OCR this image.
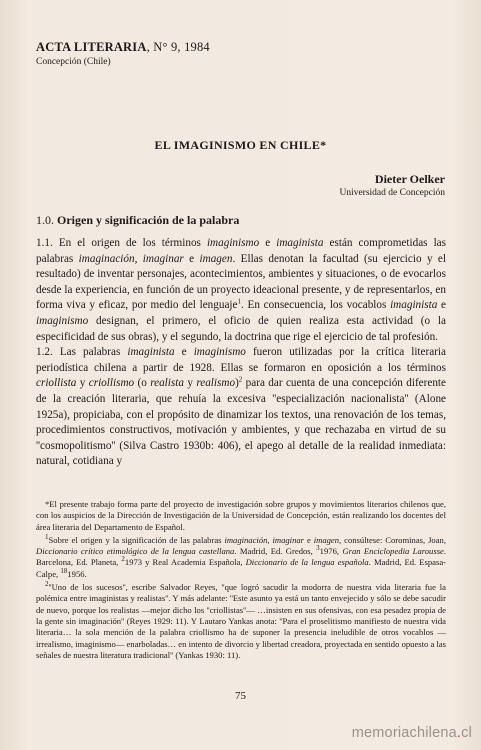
ACTA LITERARIA, N° 9, 1984
Concepción (Chile)
EL IMAGINISMO EN CHILE*
Dieter Oelker
Universidad de Concepción
1.0. Origen y significación de la palabra

1.1. En el origen de los términos imaginismo e imaginista están comprometidas las palabras imaginación, imaginar e imagen. Ellas denotan la facultad (su ejercicio y el resultado) de inventar personajes, acontecimientos, ambientes y situaciones, o de evocarlos desde la experiencia, en función de un proyecto ideacional presente, y de representarlos, en forma viva y eficaz, por medio del lenguaje$^1$. En consecuencia, los vocablos imaginista e imaginismo designan, el primero, el oficio de quien realiza esta actividad (o la especificidad de sus obras), y el segundo, la doctrina que rige el ejercicio de tal profesión.

1.2. Las palabras imaginista e imaginismo fueron utilizadas por la crítica literaria periodística chilena a partir de 1928. Ellas se formaron en oposición a los términos criollista y criollismo (o realista y realismo)$^2$ para dar cuenta de una concepción diferente de la creación literaria, que rehuía la excesiva ''especialización nacionalista'' (Alone 1925a), propiciaba, con el propósito de dinamizar los textos, una renovación de los temas, procedimientos constructivos, motivación y ambientes, y que rechazaba en virtud de su ''cosmopolitismo'' (Silva Castro 1930b: 406), el apego al detalle de la realidad inmediata: natural, cotidiana y

*El presente trabajo forma parte del proyecto de investigación sobre grupos y movimientos literarios chilenos que, con los auspicios de la Dirección de Investigación de la Universidad de Concepción, están realizando los docentes del área literaria del Departamento de Español.

$^1$Sobre el origen y la significación de las palabras imaginación, imaginar e imagen, consúltese: Corominas, Joan, Diccionario crítico etimológico de la lengua castellana. Madrid, Ed. Gredos, $^3$1976, Gran Enciclopedia Larousse. Barcelona, Ed. Planeta, $^2$1973 y Real Academia Española, Diccionario de la lengua española. Madrid, Ed. Espasa-Calpe, $^{18}$1956.

$^2$''Uno de los sucesos'', escribe Salvador Reyes, ''que logró sacudir la modorra de nuestra vida literaria fue la polémica entre imaginistas y realistas''. Y más adelante: ''Este asunto ya está un tanto envejecido y sólo se debe sacudir de nuevo, porque los realistas —mejor dicho los ''criollistas''— …insisten en sus ofensivas, con esa pesadez propia de la gente sin imaginación'' (Reyes 1929: 11). Y Lautaro Yankas anota: ''Para el proselitismo manifiesto de nuestra vida literaria… la sola mención de la palabra criollismo ha de suponer la presencia ineludible de otros vocablos —irrealismo, imaginismo— enarboladas… en intento de divorcio y libertad creadora, proyectada en sentido opuesto a las señales de nuestra literatura tradicional'' (Yankas 1930: 11).

75
memoriachilena.cl
